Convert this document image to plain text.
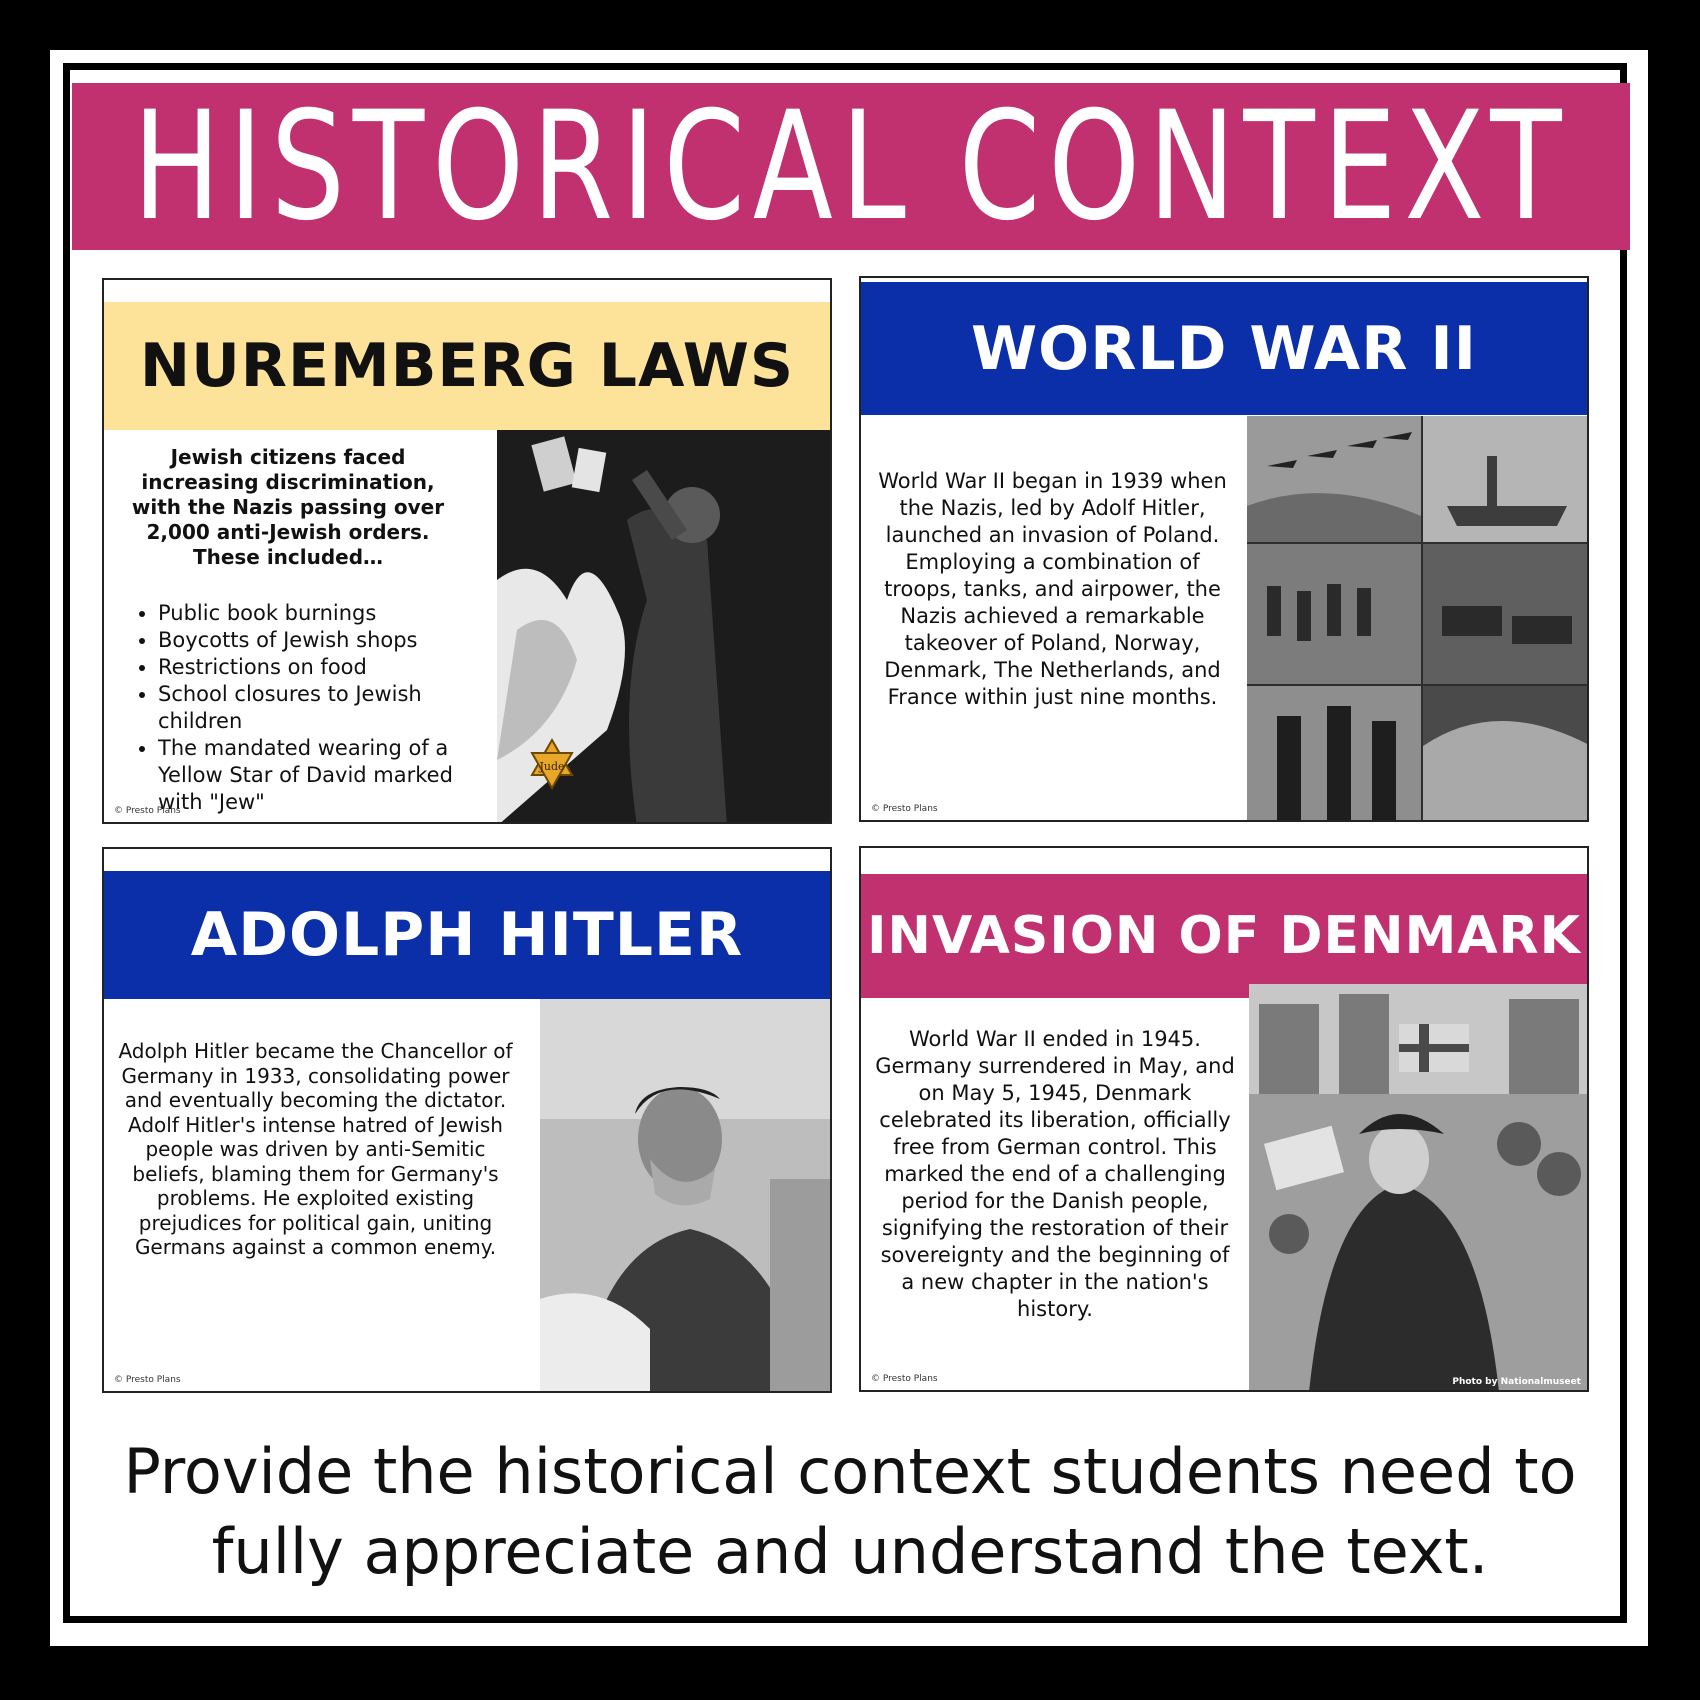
HISTORICAL CONTEXT
NUREMBERG LAWS
Jewish citizens faced increasing discrimination, with the Nazis passing over 2,000 anti-Jewish orders. These included…
• Public book burnings
• Boycotts of Jewish shops
• Restrictions on food
• School closures to Jewish children
• The mandated wearing of a Yellow Star of David marked with "Jew"
Jude
© Presto Plans
WORLD WAR II
World War II began in 1939 when the Nazis, led by Adolf Hitler, launched an invasion of Poland. Employing a combination of troops, tanks, and airpower, the Nazis achieved a remarkable takeover of Poland, Norway, Denmark, The Netherlands, and France within just nine months.
© Presto Plans
ADOLPH HITLER
Adolph Hitler became the Chancellor of Germany in 1933, consolidating power and eventually becoming the dictator. Adolf Hitler's intense hatred of Jewish people was driven by anti-Semitic beliefs, blaming them for Germany's problems. He exploited existing prejudices for political gain, uniting Germans against a common enemy.
© Presto Plans
INVASION OF DENMARK
World War II ended in 1945. Germany surrendered in May, and on May 5, 1945, Denmark celebrated its liberation, officially free from German control. This marked the end of a challenging period for the Danish people, signifying the restoration of their sovereignty and the beginning of a new chapter in the nation's history.
Photo by Nationalmuseet
© Presto Plans
Provide the historical context students need to fully appreciate and understand the text.
